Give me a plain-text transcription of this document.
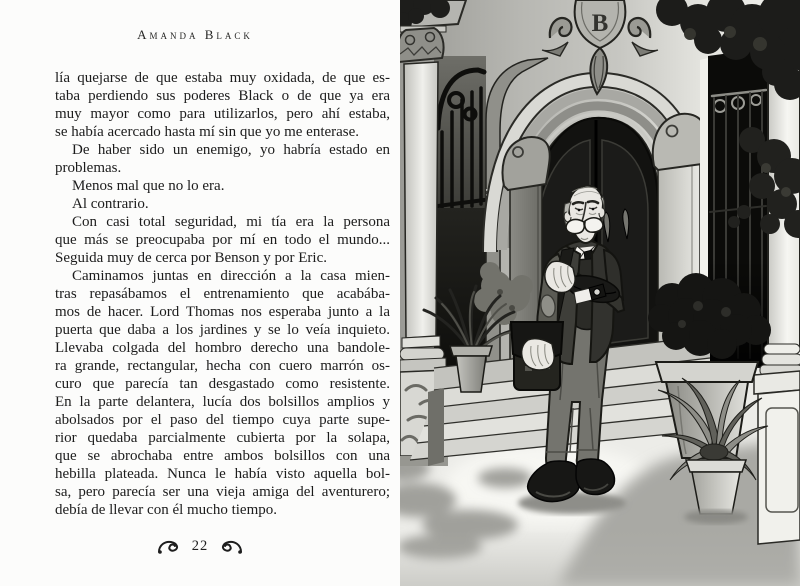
Amanda Black
lía quejarse de que estaba muy oxidada, de que es-
taba perdiendo sus poderes Black o de que ya era
muy mayor como para utilizarlos, pero ahí estaba,
se había acercado hasta mí sin que yo me enterase.
De haber sido un enemigo, yo habría estado en
problemas.
Menos mal que no lo era.
Al contrario.
Con casi total seguridad, mi tía era la persona
que más se preocupaba por mí en todo el mundo...
Seguida muy de cerca por Benson y por Eric.
Caminamos juntas en dirección a la casa mien-
tras repasábamos el entrenamiento que acabába-
mos de hacer. Lord Thomas nos esperaba junto a la
puerta que daba a los jardines y se lo veía inquieto.
Llevaba colgada del hombro derecho una bandole-
ra grande, rectangular, hecha con cuero marrón os-
curo que parecía tan desgastado como resistente.
En la parte delantera, lucía dos bolsillos amplios y
abolsados por el paso del tiempo cuya parte supe-
rior quedaba parcialmente cubierta por la solapa,
que se abrochaba entre ambos bolsillos con una
hebilla plateada. Nunca le había visto aquella bol-
sa, pero parecía ser una vieja amiga del aventurero;
debía de llevar con él mucho tiempo.
22
B
